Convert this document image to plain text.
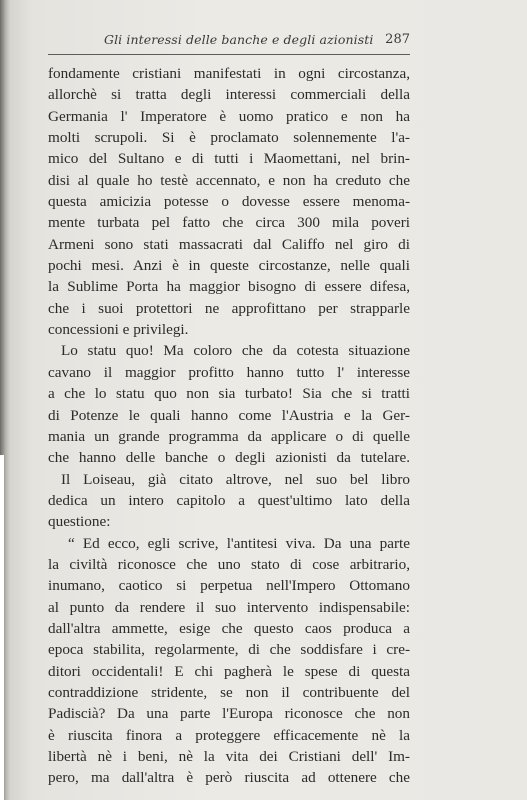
Gli interessi delle banche e degli azionisti 287
fondamente cristiani manifestati in ogni circostanza,
allorchè si tratta degli interessi commerciali della
Germania l' Imperatore è uomo pratico e non ha
molti scrupoli. Si è proclamato solennemente l'a-
mico del Sultano e di tutti i Maomettani, nel brin-
disi al quale ho testè accennato, e non ha creduto che
questa amicizia potesse o dovesse essere menoma-
mente turbata pel fatto che circa 300 mila poveri
Armeni sono stati massacrati dal Califfo nel giro di
pochi mesi. Anzi è in queste circostanze, nelle quali
la Sublime Porta ha maggior bisogno di essere difesa,
che i suoi protettori ne approfittano per strapparle
concessioni e privilegi.
Lo statu quo! Ma coloro che da cotesta situazione
cavano il maggior profitto hanno tutto l' interesse
a che lo statu quo non sia turbato! Sia che si tratti
di Potenze le quali hanno come l'Austria e la Ger-
mania un grande programma da applicare o di quelle
che hanno delle banche o degli azionisti da tutelare.
Il Loiseau, già citato altrove, nel suo bel libro
dedica un intero capitolo a quest'ultimo lato della
questione:
“ Ed ecco, egli scrive, l'antitesi viva. Da una parte
la civiltà riconosce che uno stato di cose arbitrario,
inumano, caotico si perpetua nell'Impero Ottomano
al punto da rendere il suo intervento indispensabile:
dall'altra ammette, esige che questo caos produca a
epoca stabilita, regolarmente, di che soddisfare i cre-
ditori occidentali! E chi pagherà le spese di questa
contraddizione stridente, se non il contribuente del
Padiscià? Da una parte l'Europa riconosce che non
è riuscita finora a proteggere efficacemente nè la
libertà nè i beni, nè la vita dei Cristiani dell' Im-
pero, ma dall'altra è però riuscita ad ottenere che
